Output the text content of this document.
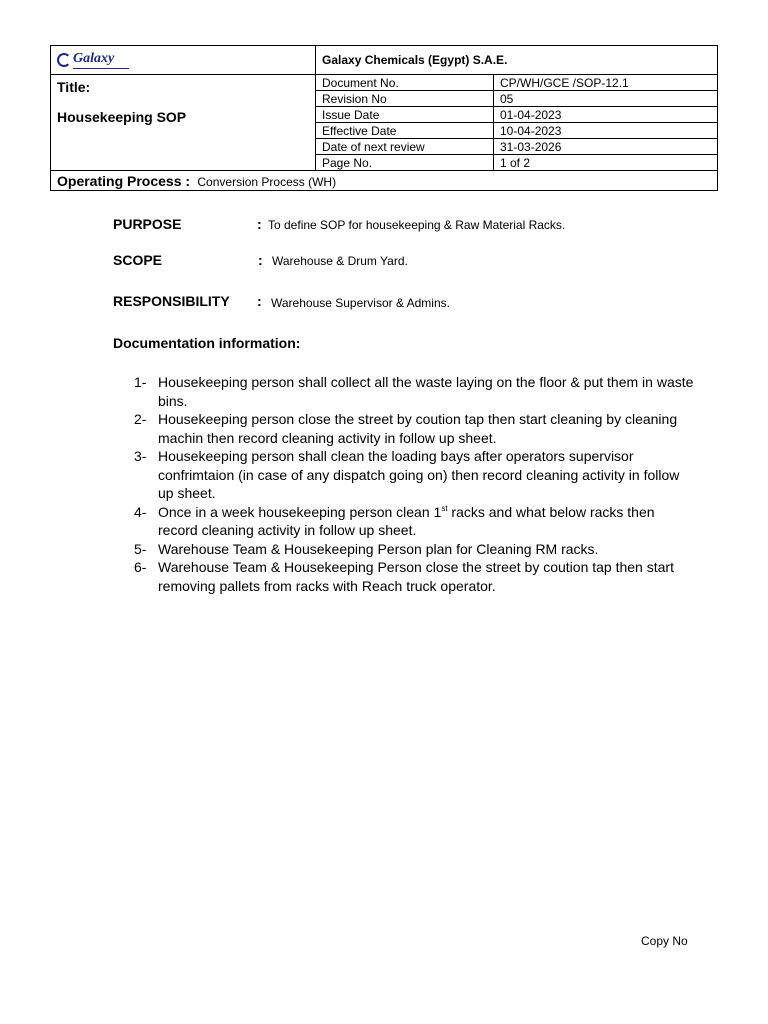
Galaxy	Galaxy Chemicals (Egypt) S.A.E.	

Title:
Housekeeping SOP	Document No.	CP/WH/GCE /SOP-12.1
	Revision No	05
	Issue Date	01-04-2023
	Effective Date	10-04-2023
	Date of next review	31-03-2026
	Page No.	1 of 2
Operating Process : Conversion Process (WH)		
PURPOSE	: To define SOP for housekeeping & Raw Material Racks.
SCOPE	: Warehouse & Drum Yard.
RESPONSIBILITY : Warehouse Supervisor & Admins.
Documentation information:
1- Housekeeping person shall collect all the waste laying on the floor & put them in waste bins.
2- Housekeeping person close the street by coution tap then start cleaning by cleaning machin then record cleaning activity in follow up sheet.
3- Housekeeping person shall clean the loading bays after operators supervisor confrimtaion (in case of any dispatch going on) then record cleaning activity in follow up sheet.
4- Once in a week housekeeping person clean 1st racks and what below racks then record cleaning activity in follow up sheet.
5- Warehouse Team & Housekeeping Person plan for Cleaning RM racks.
6- Warehouse Team & Housekeeping Person close the street by coution tap then start removing pallets from racks with Reach truck operator.
Copy No
